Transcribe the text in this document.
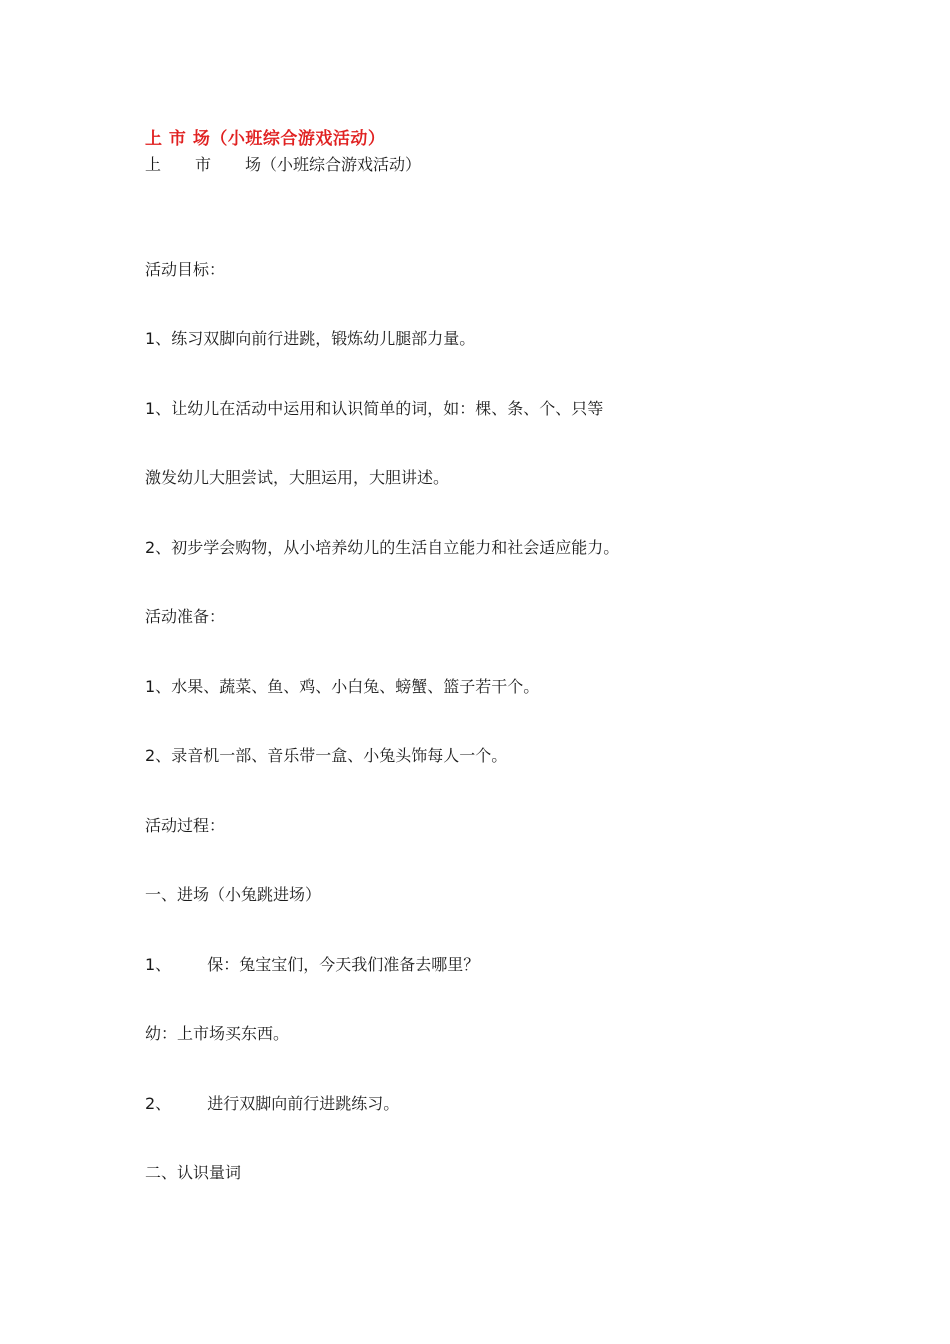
上 市 场（小班综合游戏活动）
上 市 场（小班综合游戏活动）
活动目标：
1、练习双脚向前行进跳，锻炼幼儿腿部力量。
1、让幼儿在活动中运用和认识简单的词，如：棵、条、个、只等
激发幼儿大胆尝试，大胆运用，大胆讲述。
2、初步学会购物，从小培养幼儿的生活自立能力和社会适应能力。
活动准备：
1、水果、蔬菜、鱼、鸡、小白兔、螃蟹、篮子若干个。
2、录音机一部、音乐带一盒、小兔头饰每人一个。
活动过程：
一、进场（小兔跳进场）
1、 保：兔宝宝们，今天我们准备去哪里？
幼：上市场买东西。
2、 进行双脚向前行进跳练习。
二、认识量词
